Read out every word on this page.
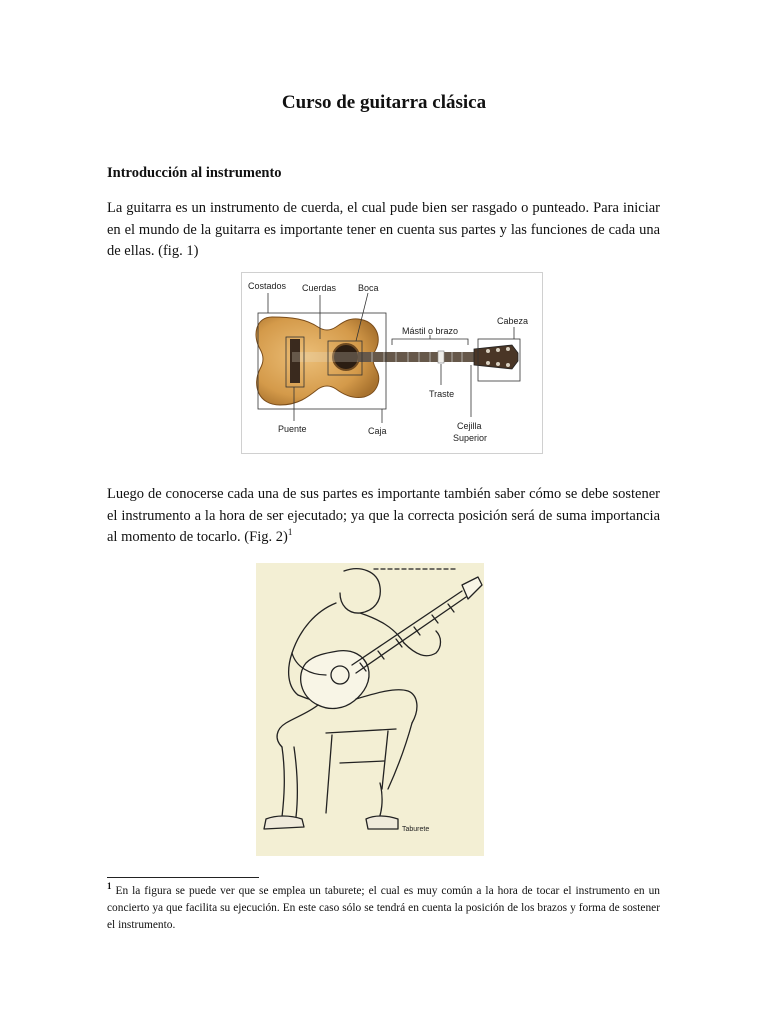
Curso de guitarra clásica
Introducción al instrumento
La guitarra es un instrumento de cuerda, el cual pude bien ser rasgado o punteado. Para iniciar en el mundo de la guitarra es importante tener en cuenta sus partes y las funciones de cada una de ellas. (fig. 1)
Costados Cuerdas Boca
Cabeza
Mástil o brazo
Traste
Puente	Caja	Cejilla
Superior
Luego de conocerse cada una de sus partes es importante también saber cómo se debe sostener el instrumento a la hora de ser ejecutado; ya que la correcta posición será de suma importancia al momento de tocarlo. (Fig. 2)$^1$
Taburete
$^1$ En la figura se puede ver que se emplea un taburete; el cual es muy común a la hora de tocar el instrumento en un concierto ya que facilita su ejecución. En este caso sólo se tendrá en cuenta la posición de los brazos y forma de sostener el instrumento.
